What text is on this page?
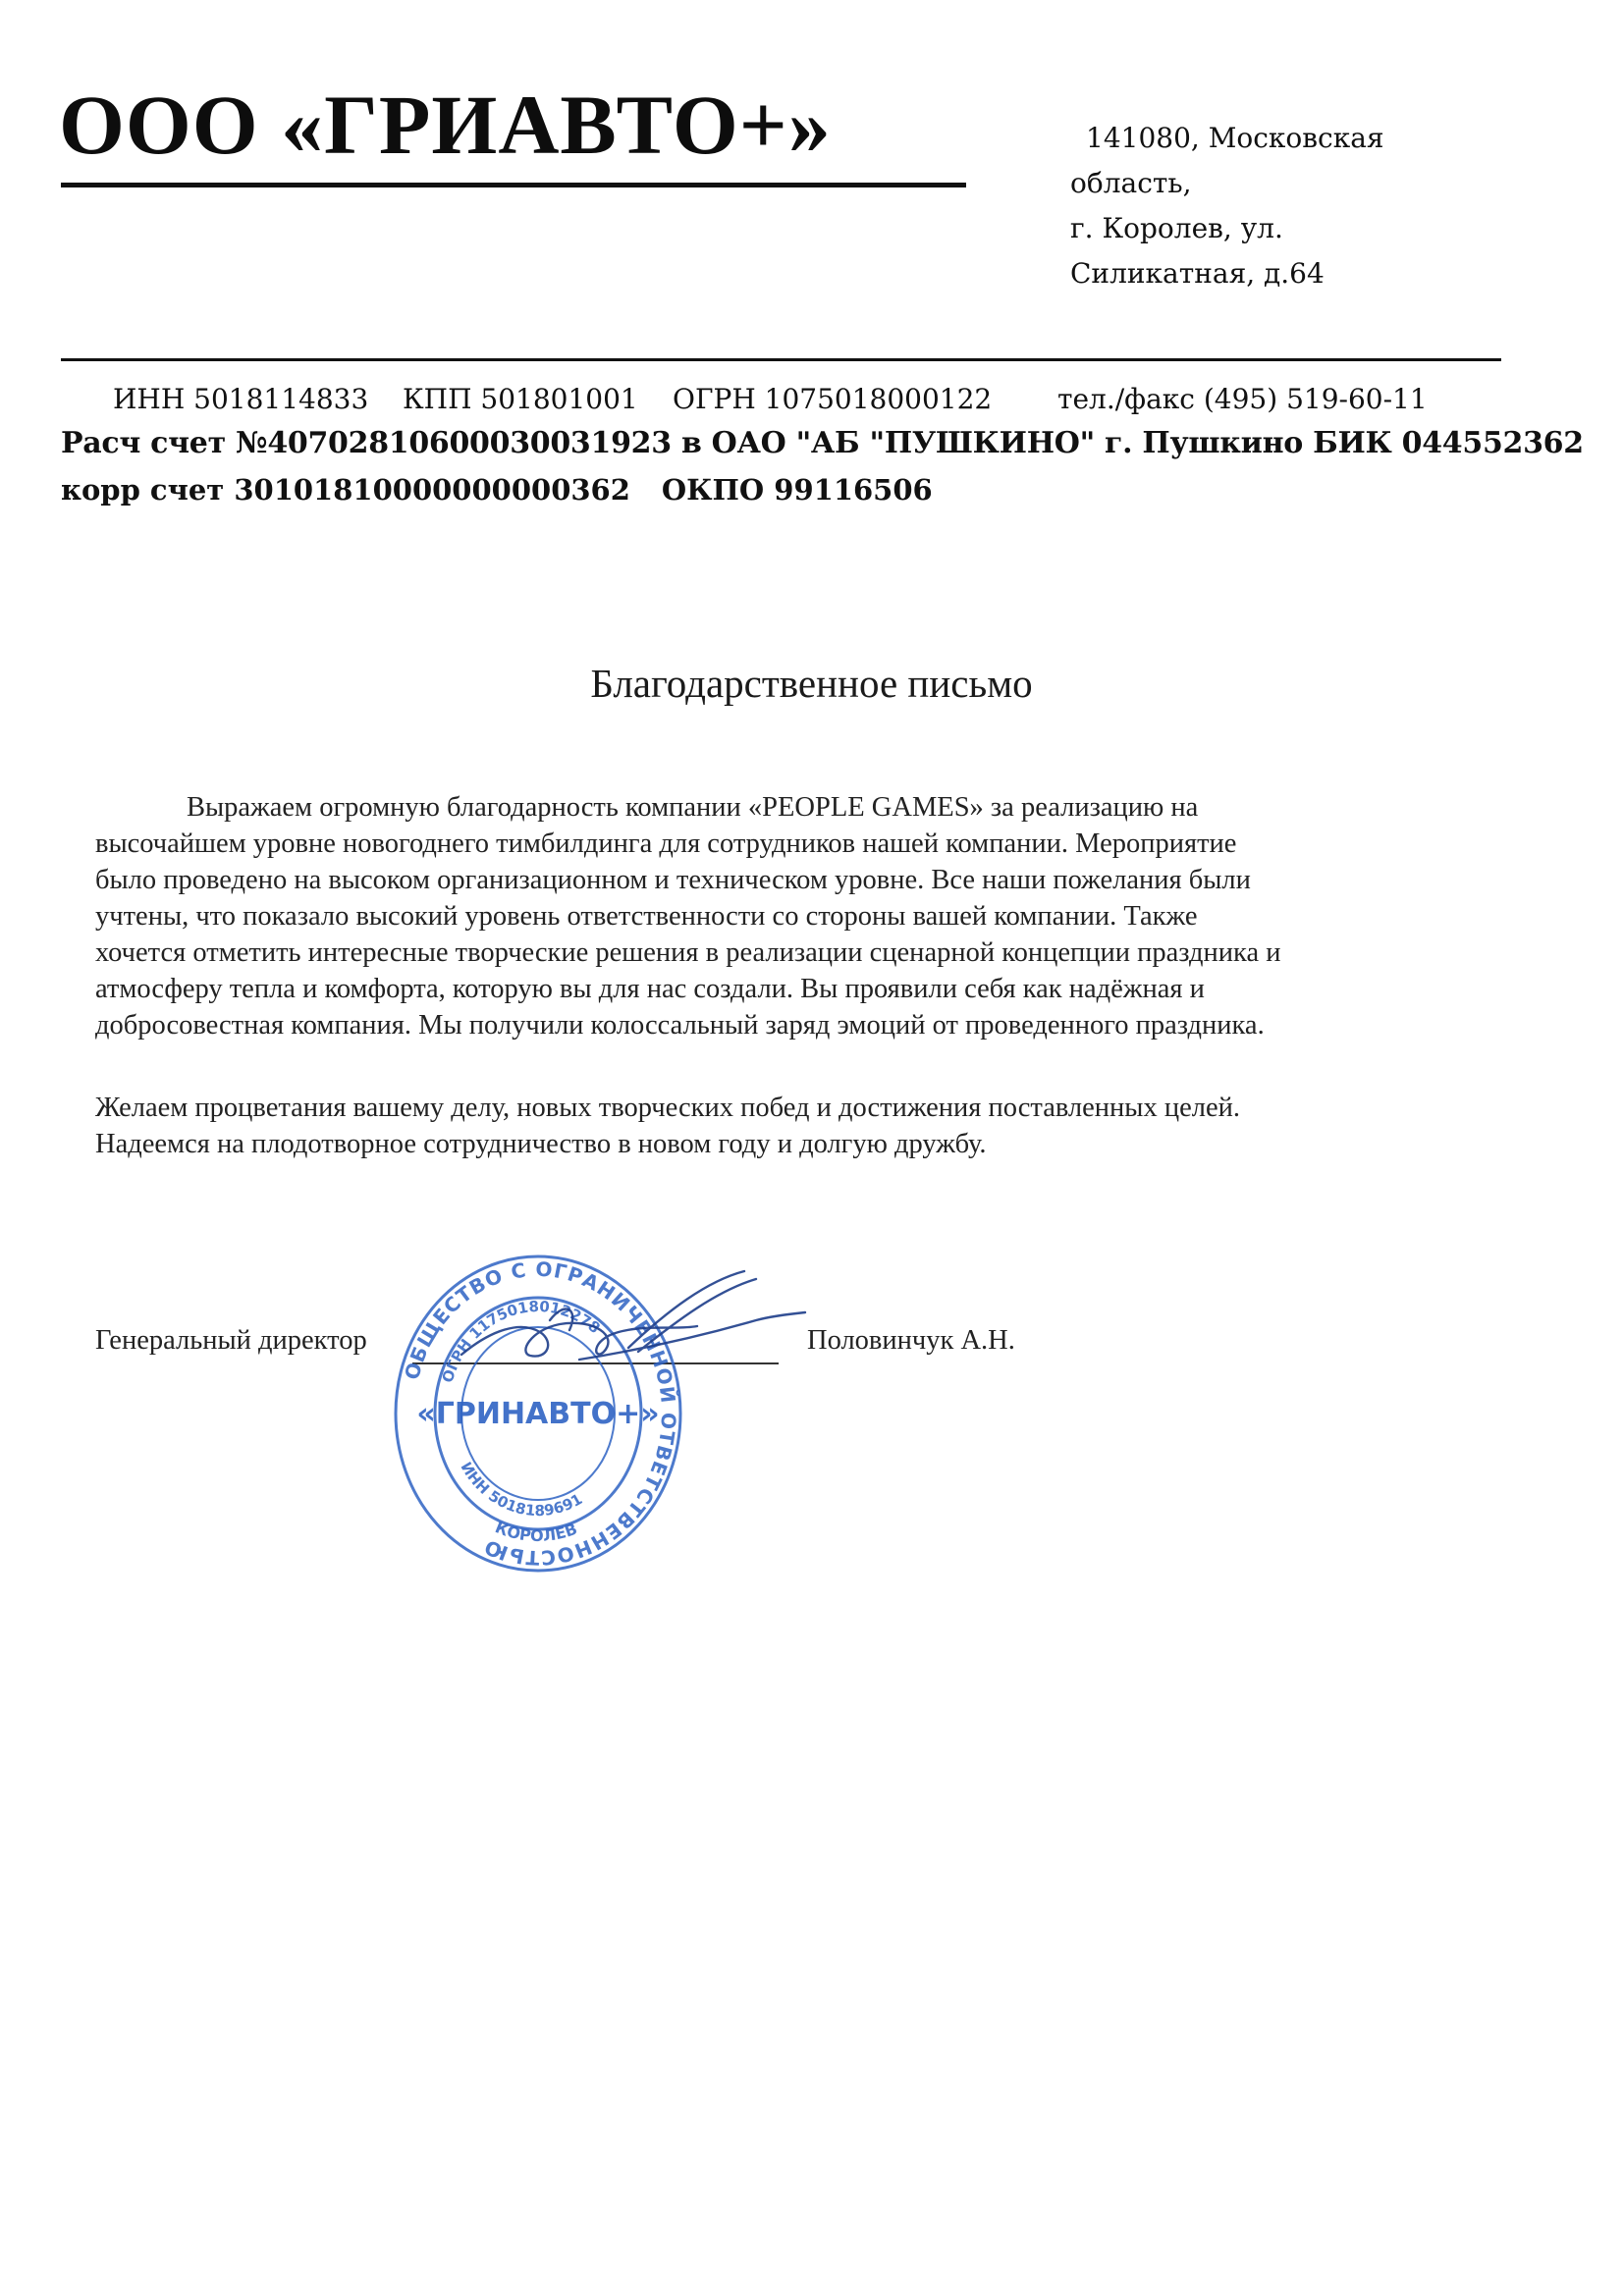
ООО «ГРИАВТО+»	141080, Московская
область,
г. Королев, ул.
Силикатная, д.64
ИНН 5018114833 КПП 501801001 ОГРН 1075018000122 тел./факс (495) 519-60-11
Расч счет №40702810600030031923 в ОАО "АБ "ПУШКИНО" г. Пушкино БИК 044552362
корр счет 30101810000000000362 ОКПО 99116506
Благодарственное письмо
Выражаем огромную благодарность компании «PEOPLE GAMES» за реализацию на
высочайшем уровне новогоднего тимбилдинга для сотрудников нашей компании. Мероприятие
было проведено на высоком организационном и техническом уровне. Все наши пожелания были
учтены, что показало высокий уровень ответственности со стороны вашей компании. Также
хочется отметить интересные творческие решения в реализации сценарной концепции праздника и
атмосферу тепла и комфорта, которую вы для нас создали. Вы проявили себя как надёжная и
добросовестная компания. Мы получили колоссальный заряд эмоций от проведенного праздника.
Желаем процветания вашему делу, новых творческих побед и достижения поставленных целей.
Надеемся на плодотворное сотрудничество в новом году и долгую дружбу.
Генеральный директор	Половинчук А.Н.
ОБЩЕСТВО С ОГРАНИЧЕННОЙ ОТВЕТСТВЕННОСТЬЮ
ОГРН 1175018012278
ИНН 5018189691
КОРОЛЕВ
«ГРИНАВТО+»
